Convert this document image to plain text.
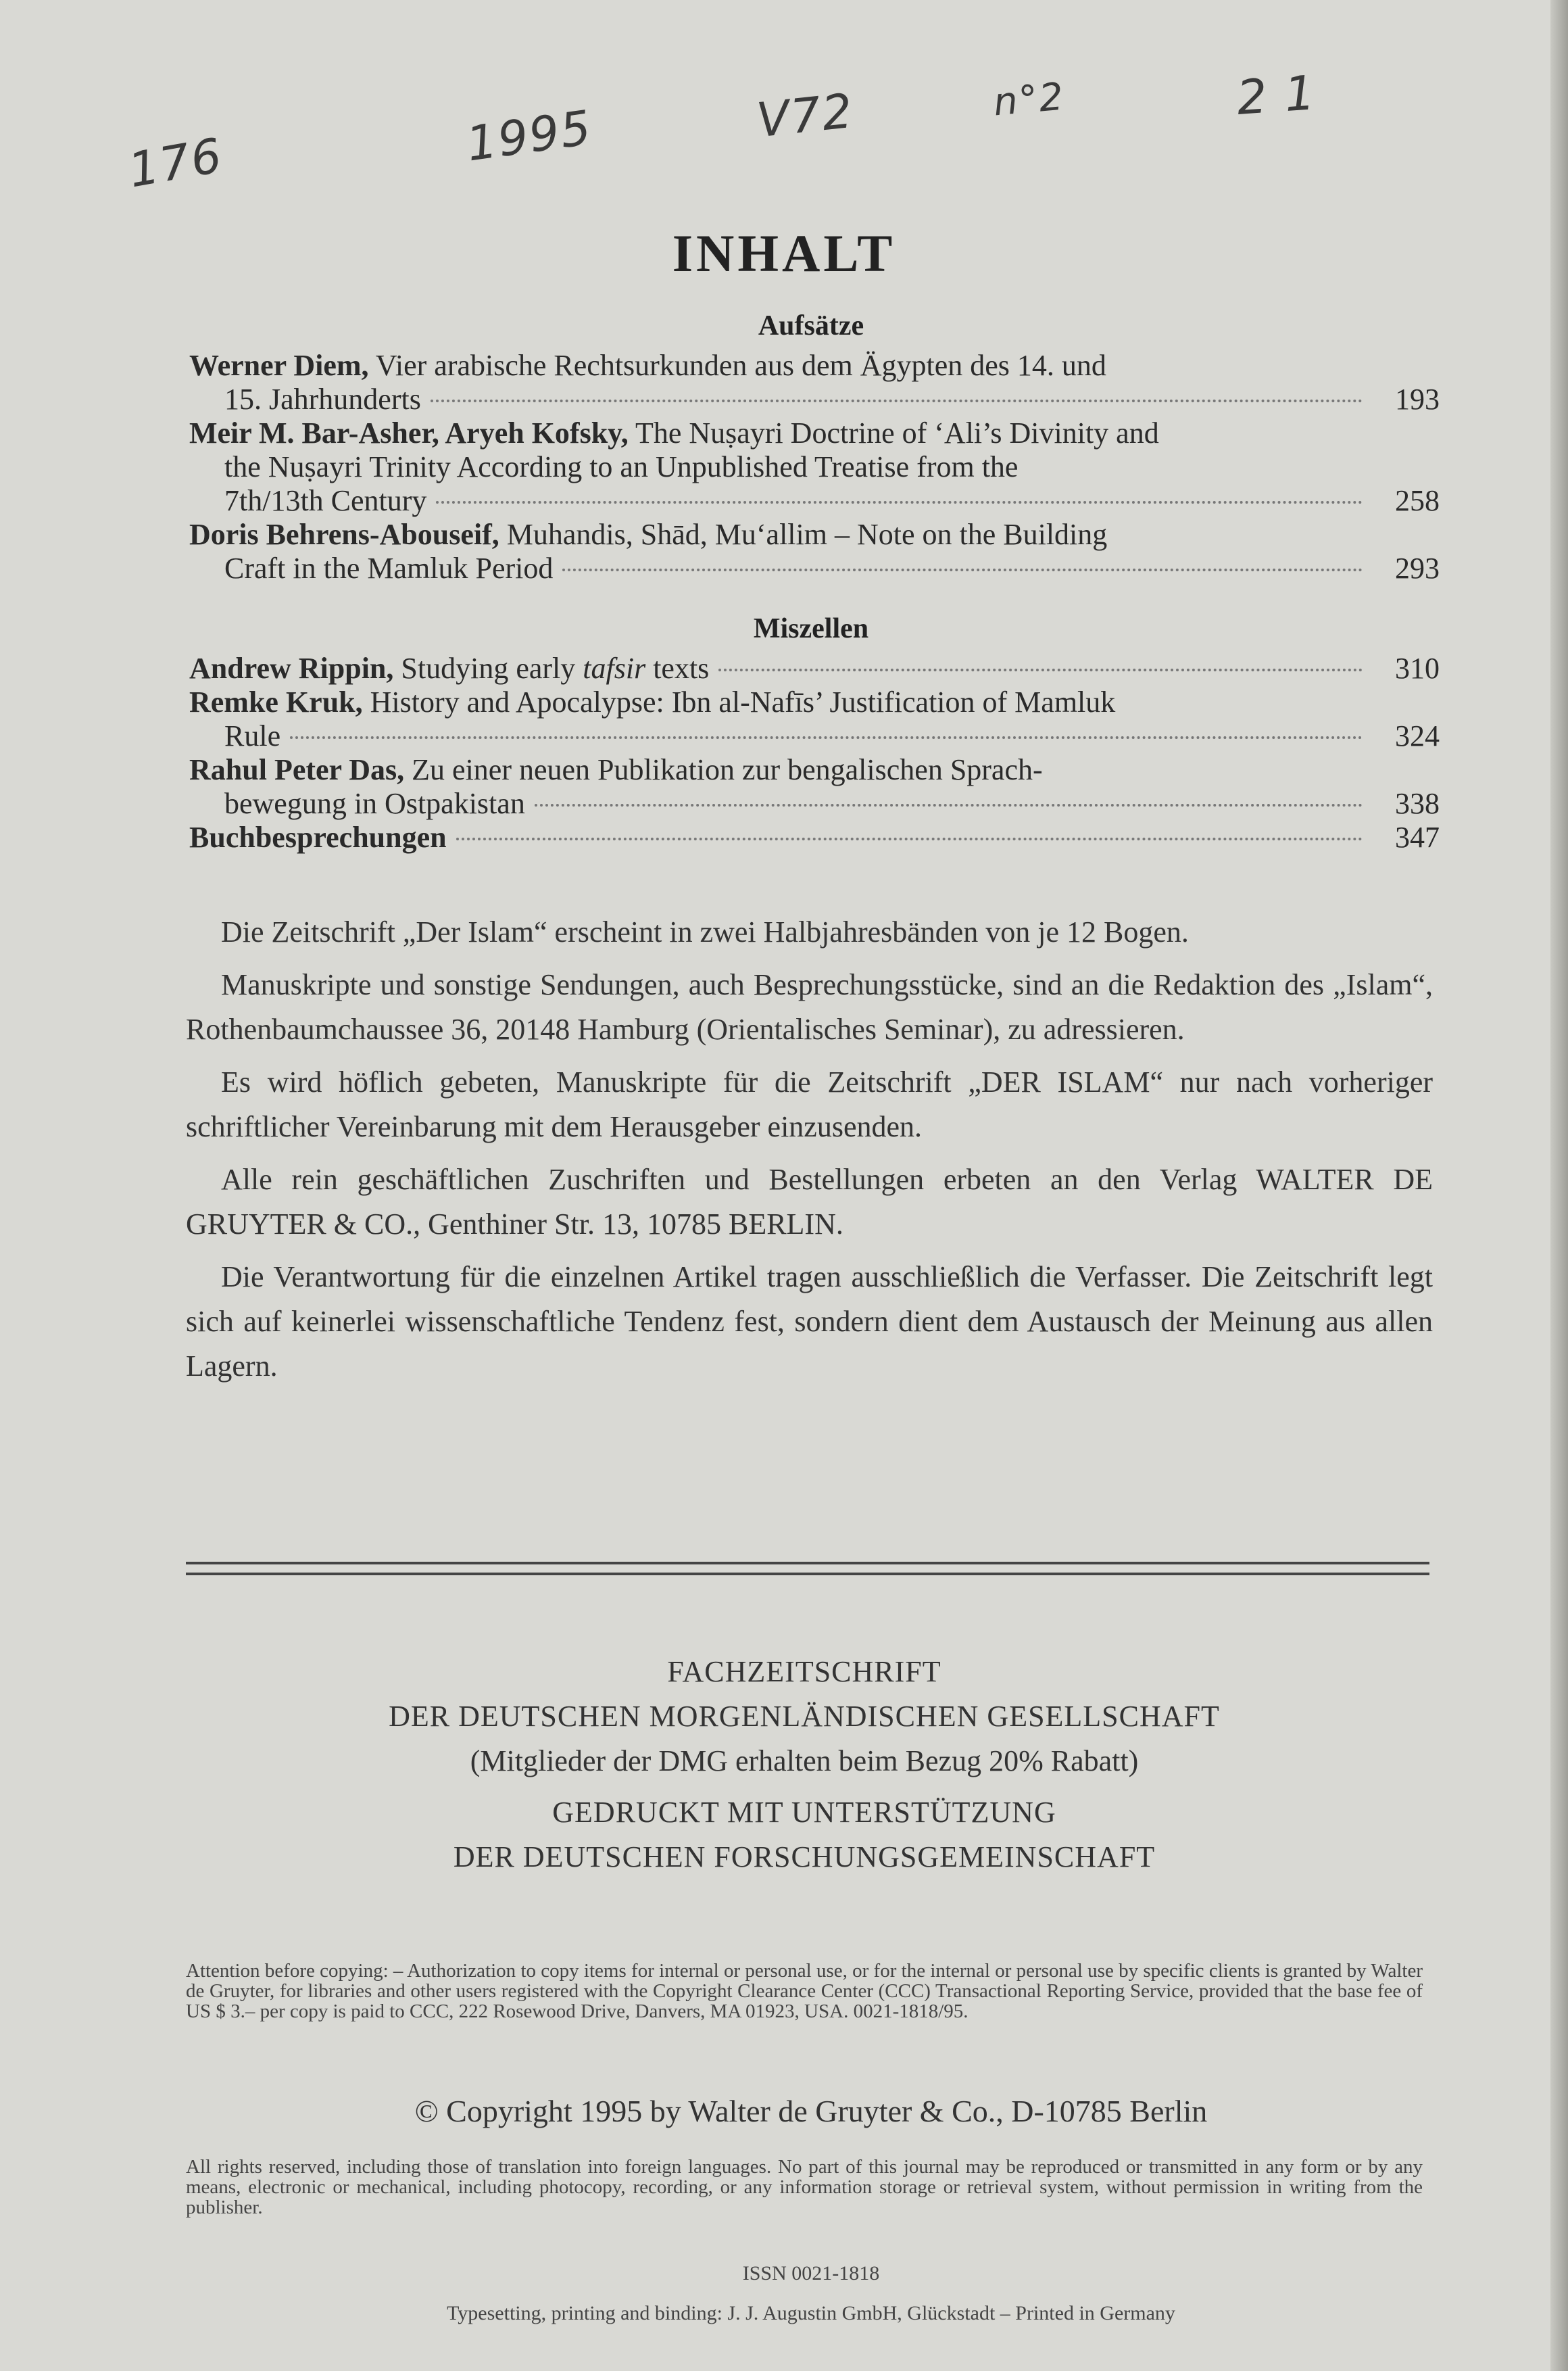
176	1995	V72	n°2	2 1
INHALT
Aufsätze
Werner Diem, Vier arabische Rechtsurkunden aus dem Ägypten des 14. und
15. Jahrhunderts	193
Meir M. Bar-Asher, Aryeh Kofsky, The Nuṣayri Doctrine of ‘Ali’s Divinity and
the Nuṣayri Trinity According to an Unpublished Treatise from the
7th/13th Century	258
Doris Behrens-Abouseif, Muhandis, Shād, Mu‘allim – Note on the Building
Craft in the Mamluk Period	293
Miszellen
Andrew Rippin, Studying early tafsir texts	310
Remke Kruk, History and Apocalypse: Ibn al-Nafīs’ Justification of Mamluk
Rule	324
Rahul Peter Das, Zu einer neuen Publikation zur bengalischen Sprach-
bewegung in Ostpakistan	338
Buchbesprechungen	347

Die Zeitschrift „Der Islam“ erscheint in zwei Halbjahresbänden von je 12 Bogen.

Manuskripte und sonstige Sendungen, auch Besprechungsstücke, sind an die Redaktion des „Islam“, Rothenbaumchaussee 36, 20148 Hamburg (Orientalisches Seminar), zu adressieren.

Es wird höflich gebeten, Manuskripte für die Zeitschrift „DER ISLAM“ nur nach vorheriger schriftlicher Vereinbarung mit dem Herausgeber einzusenden.

Alle rein geschäftlichen Zuschriften und Bestellungen erbeten an den Verlag WALTER DE GRUYTER & CO., Genthiner Str. 13, 10785 BERLIN.

Die Verantwortung für die einzelnen Artikel tragen ausschließlich die Verfasser. Die Zeitschrift legt sich auf keinerlei wissenschaftliche Tendenz fest, sondern dient dem Austausch der Meinung aus allen Lagern.

FACHZEITSCHRIFT
DER DEUTSCHEN MORGENLÄNDISCHEN GESELLSCHAFT
(Mitglieder der DMG erhalten beim Bezug 20% Rabatt)
GEDRUCKT MIT UNTERSTÜTZUNG
DER DEUTSCHEN FORSCHUNGSGEMEINSCHAFT
Attention before copying: – Authorization to copy items for internal or personal use, or for the internal or personal use by specific clients is granted by Walter de Gruyter, for libraries and other users registered with the Copyright Clearance Center (CCC) Transactional Reporting Service, provided that the base fee of US $ 3.– per copy is paid to CCC, 222 Rosewood Drive, Danvers, MA 01923, USA. 0021-1818/95.
© Copyright 1995 by Walter de Gruyter & Co., D-10785 Berlin
All rights reserved, including those of translation into foreign languages. No part of this journal may be reproduced or transmitted in any form or by any means, electronic or mechanical, including photocopy, recording, or any information storage or retrieval system, without permission in writing from the publisher.
ISSN 0021-1818
Typesetting, printing and binding: J. J. Augustin GmbH, Glückstadt – Printed in Germany
